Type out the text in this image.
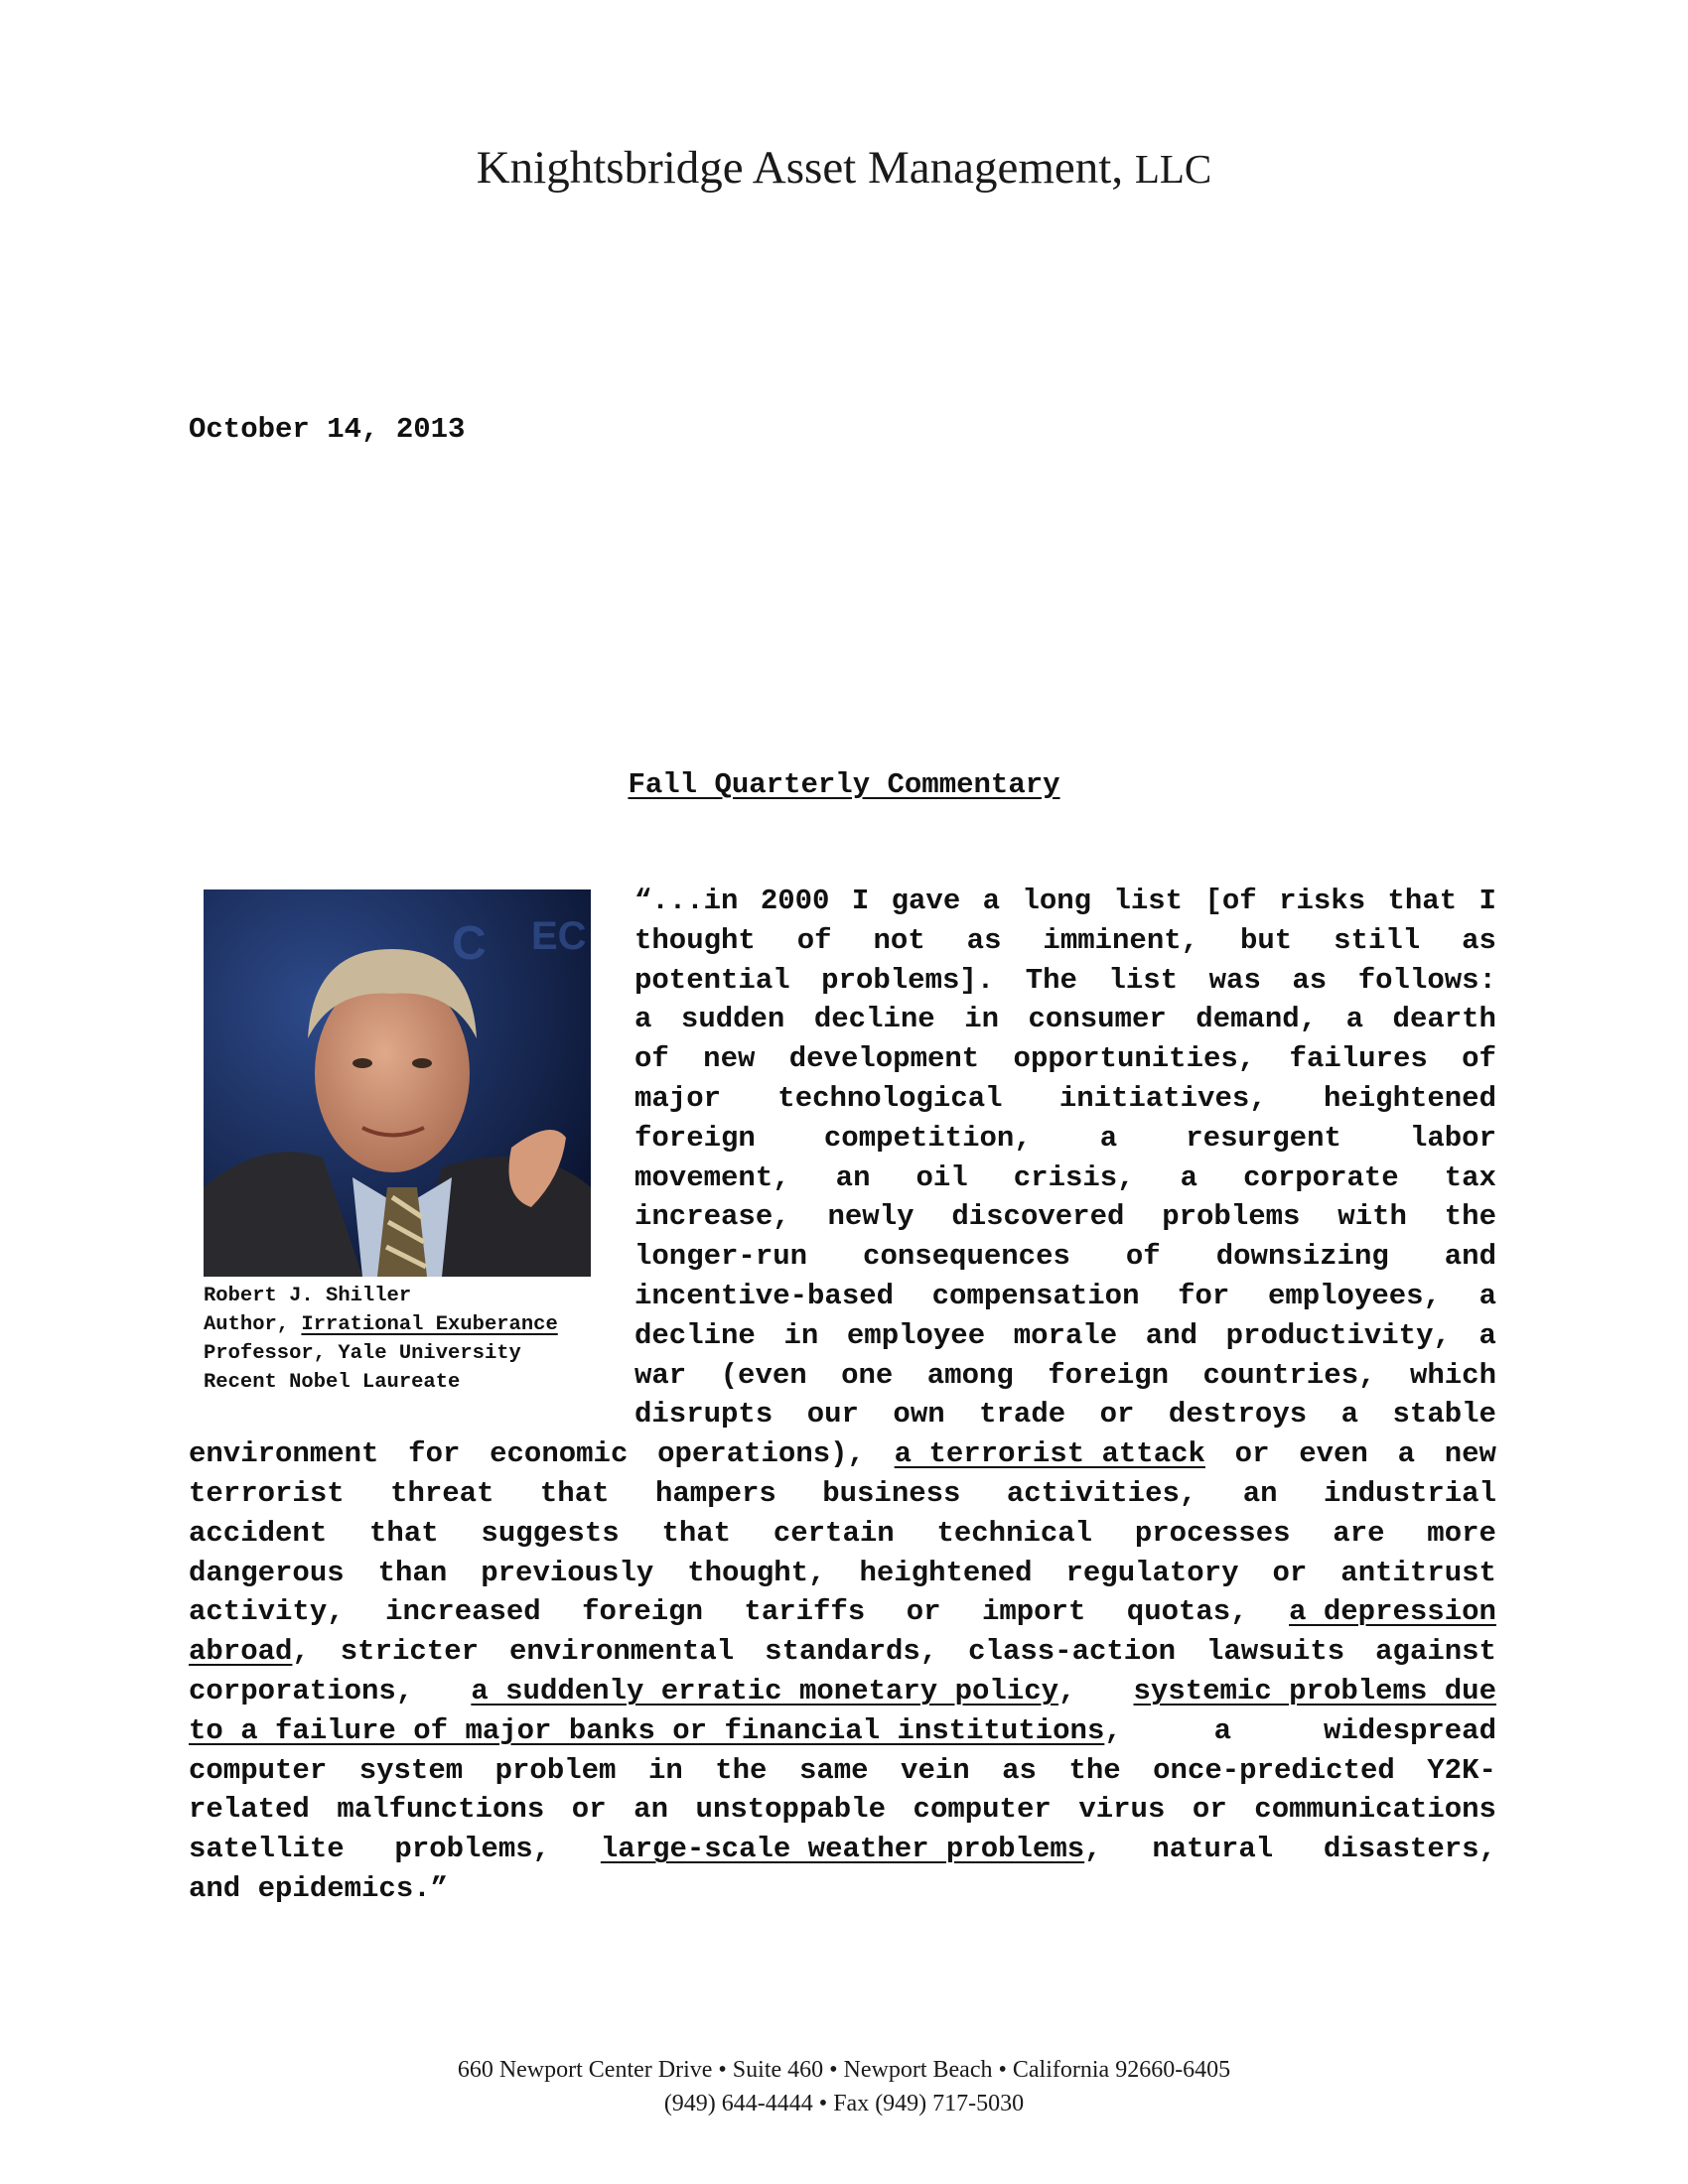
Knightsbridge Asset Management, LLC
October 14, 2013
Fall Quarterly Commentary
C EC
Robert J. Shiller
Author, Irrational Exuberance
Professor, Yale University
Recent Nobel Laureate
“...in 2000 I gave a long list [of risks that I
thought of not as imminent, but still as
potential problems]. The list was as follows:
a sudden decline in consumer demand, a dearth
of new development opportunities, failures of
major technological initiatives, heightened
foreign competition, a resurgent labor
movement, an oil crisis, a corporate tax
increase, newly discovered problems with the
longer-run consequences of downsizing and
incentive-based compensation for employees, a
decline in employee morale and productivity, a
war (even one among foreign countries, which
disrupts our own trade or destroys a stable
environment for economic operations), a terrorist attack or even a new
terrorist threat that hampers business activities, an industrial
accident that suggests that certain technical processes are more
dangerous than previously thought, heightened regulatory or antitrust
activity, increased foreign tariffs or import quotas, a depression
abroad, stricter environmental standards, class-action lawsuits against
corporations, a suddenly erratic monetary policy, systemic problems due
to a failure of major banks or financial institutions,	a	widespread
computer system problem in the same vein as the once-predicted Y2K-
related malfunctions or an unstoppable computer virus or communications
satellite problems, large-scale weather problems, natural disasters,
and epidemics.”
660 Newport Center Drive • Suite 460 • Newport Beach • California 92660-6405
(949) 644-4444 • Fax (949) 717-5030
